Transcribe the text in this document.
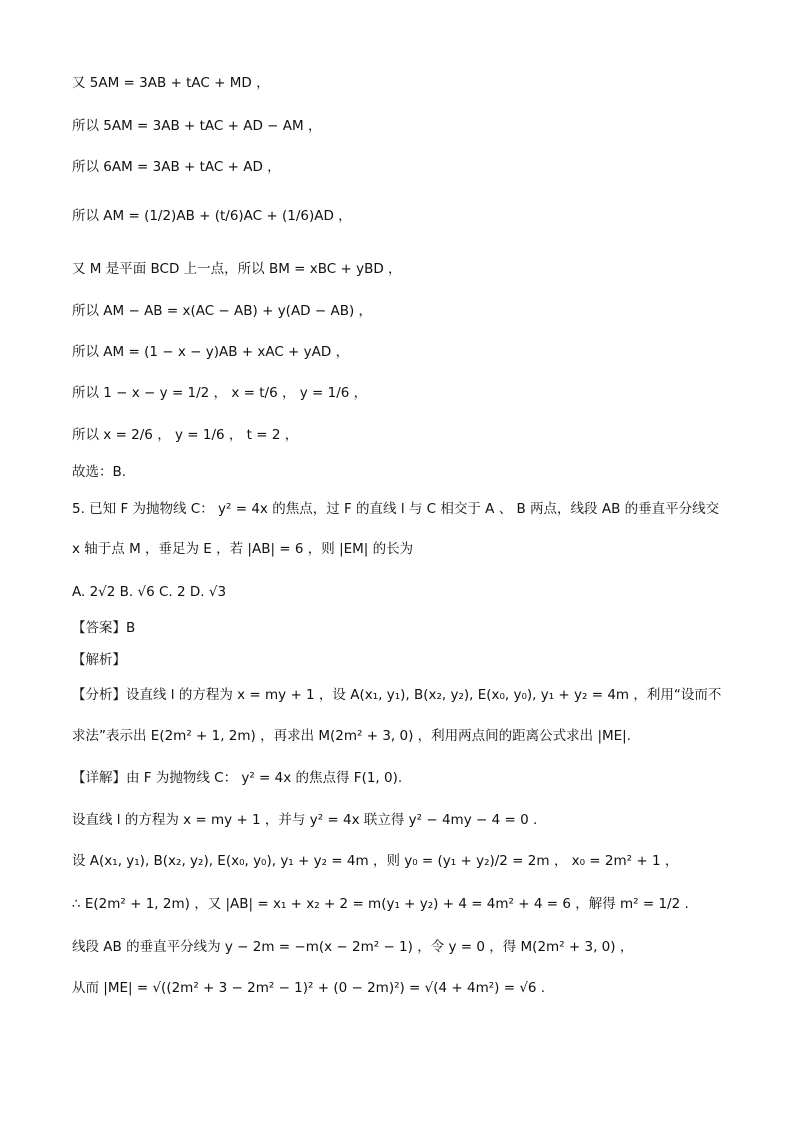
又 5AM = 3AB + tAC + MD ，
所以 5AM = 3AB + tAC + AD − AM ，
所以 6AM = 3AB + tAC + AD ，
所以 AM = (1/2)AB + (t/6)AC + (1/6)AD ，
又 M 是平面 BCD 上一点，所以 BM = xBC + yBD ，
所以 AM − AB = x(AC − AB) + y(AD − AB) ，
所以 AM = (1 − x − y)AB + xAC + yAD ，
所以 1 − x − y = 1/2 ， x = t/6 ， y = 1/6 ，
所以 x = 2/6 ， y = 1/6 ， t = 2 ，
故选：B.
5. 已知 F 为抛物线 C： y² = 4x 的焦点，过 F 的直线 l 与 C 相交于 A 、 B 两点，线段 AB 的垂直平分线交
x 轴于点 M ，垂足为 E ，若 |AB| = 6 ，则 |EM| 的长为
A. 2√2 B. √6 C. 2 D. √3
【答案】B
【解析】
【分析】设直线 l 的方程为 x = my + 1 ，设 A(x₁, y₁), B(x₂, y₂), E(x₀, y₀), y₁ + y₂ = 4m ，利用“设而不
求法”表示出 E(2m² + 1, 2m) ，再求出 M(2m² + 3, 0) ，利用两点间的距离公式求出 |ME|.
【详解】由 F 为抛物线 C： y² = 4x 的焦点得 F(1, 0).
设直线 l 的方程为 x = my + 1 ，并与 y² = 4x 联立得 y² − 4my − 4 = 0 .
设 A(x₁, y₁), B(x₂, y₂), E(x₀, y₀), y₁ + y₂ = 4m ，则 y₀ = (y₁ + y₂)/2 = 2m ， x₀ = 2m² + 1 ，
∴ E(2m² + 1, 2m) ，又 |AB| = x₁ + x₂ + 2 = m(y₁ + y₂) + 4 = 4m² + 4 = 6 ，解得 m² = 1/2 .
线段 AB 的垂直平分线为 y − 2m = −m(x − 2m² − 1) ，令 y = 0 ，得 M(2m² + 3, 0) ，
从而 |ME| = √((2m² + 3 − 2m² − 1)² + (0 − 2m)²) = √(4 + 4m²) = √6 .
